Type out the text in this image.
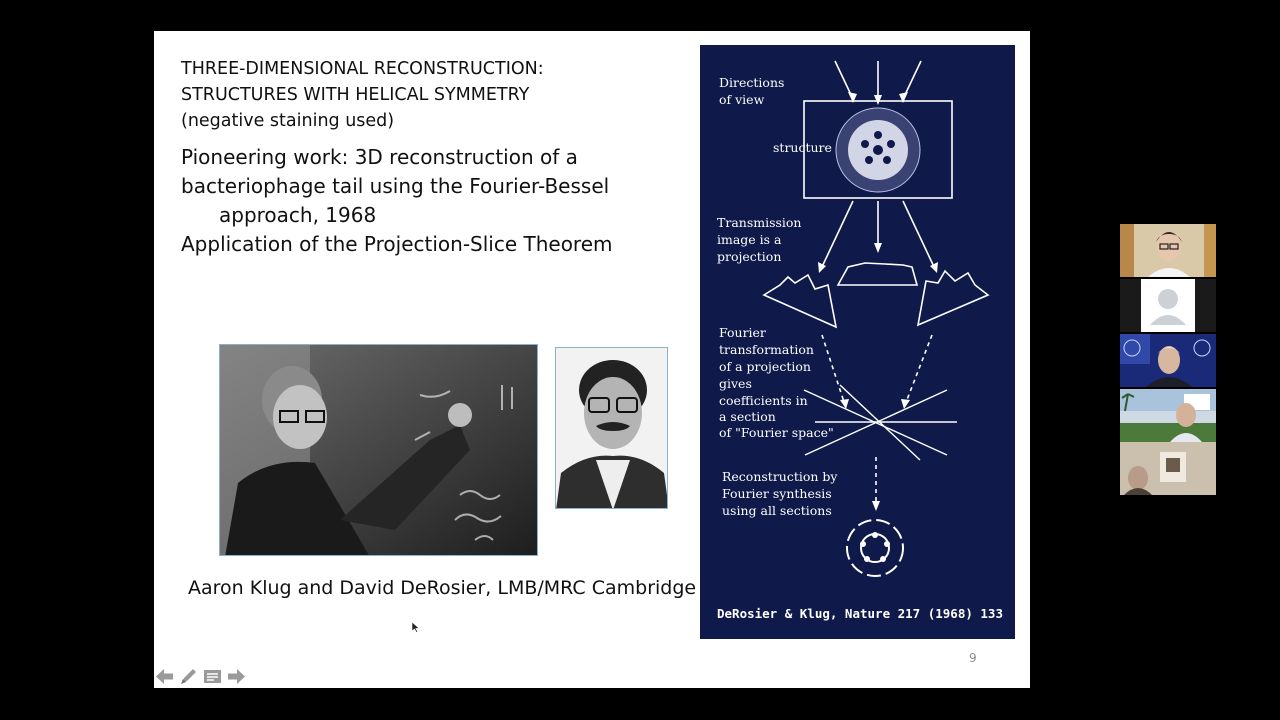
THREE-DIMENSIONAL RECONSTRUCTION:
STRUCTURES WITH HELICAL SYMMETRY
(negative staining used)
Pioneering work: 3D reconstruction of a
bacteriophage tail using the Fourier-Bessel
approach, 1968
Application of the Projection-Slice Theorem
Aaron Klug and David DeRosier, LMB/MRC Cambridge
Directions
of view
structure
Transmission
image is a
projection
Fourier
transformation
of a projection
gives
coefficients in
a section
of "Fourier space"
Reconstruction by
Fourier synthesis
using all sections
DeRosier & Klug, Nature 217 (1968) 133
9
